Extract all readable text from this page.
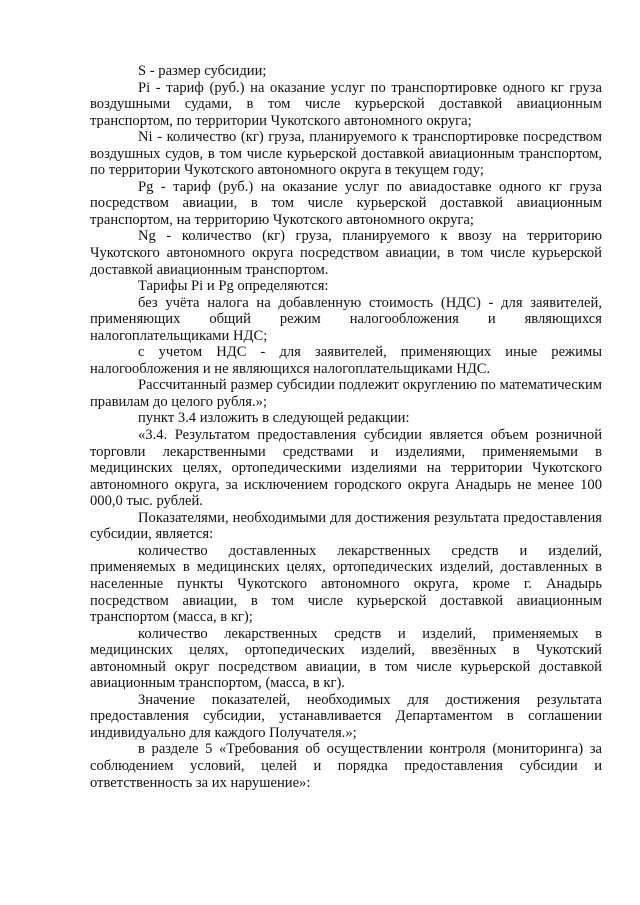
S - размер субсидии;

Pi - тариф (руб.) на оказание услуг по транспортировке одного кг груза воздушными судами, в том числе курьерской доставкой авиационным транспортом, по территории Чукотского автономного округа;

Ni - количество (кг) груза, планируемого к транспортировке посредством воздушных судов, в том числе курьерской доставкой авиационным транспортом, по территории Чукотского автономного округа в текущем году;

Pg - тариф (руб.) на оказание услуг по авиадоставке одного кг груза посредством авиации, в том числе курьерской доставкой авиационным транспортом, на территорию Чукотского автономного округа;

Ng - количество (кг) груза, планируемого к ввозу на территорию Чукотского автономного округа посредством авиации, в том числе курьерской доставкой авиационным транспортом.

Тарифы Pi и Pg определяются:

без учёта налога на добавленную стоимость (НДС) - для заявителей, применяющих общий режим налогообложения и являющихся налогоплательщиками НДС;

с учетом НДС - для заявителей, применяющих иные режимы налогообложения и не являющихся налогоплательщиками НДС.

Рассчитанный размер субсидии подлежит округлению по математическим правилам до целого рубля.»;

пункт 3.4 изложить в следующей редакции:

«3.4. Результатом предоставления субсидии является объем розничной торговли лекарственными средствами и изделиями, применяемыми в медицинских целях, ортопедическими изделиями на территории Чукотского автономного округа, за исключением городского округа Анадырь не менее 100 000,0 тыс. рублей.

Показателями, необходимыми для достижения результата предоставления субсидии, является:

количество доставленных лекарственных средств и изделий, применяемых в медицинских целях, ортопедических изделий, доставленных в населенные пункты Чукотского автономного округа, кроме г. Анадырь посредством авиации, в том числе курьерской доставкой авиационным транспортом (масса, в кг);

количество лекарственных средств и изделий, применяемых в медицинских целях, ортопедических изделий, ввезённых в Чукотский автономный округ посредством авиации, в том числе курьерской доставкой авиационным транспортом, (масса, в кг).

Значение показателей, необходимых для достижения результата предоставления субсидии, устанавливается Департаментом в соглашении индивидуально для каждого Получателя.»;

в разделе 5 «Требования об осуществлении контроля (мониторинга) за соблюдением условий, целей и порядка предоставления субсидии и ответственность за их нарушение»:
